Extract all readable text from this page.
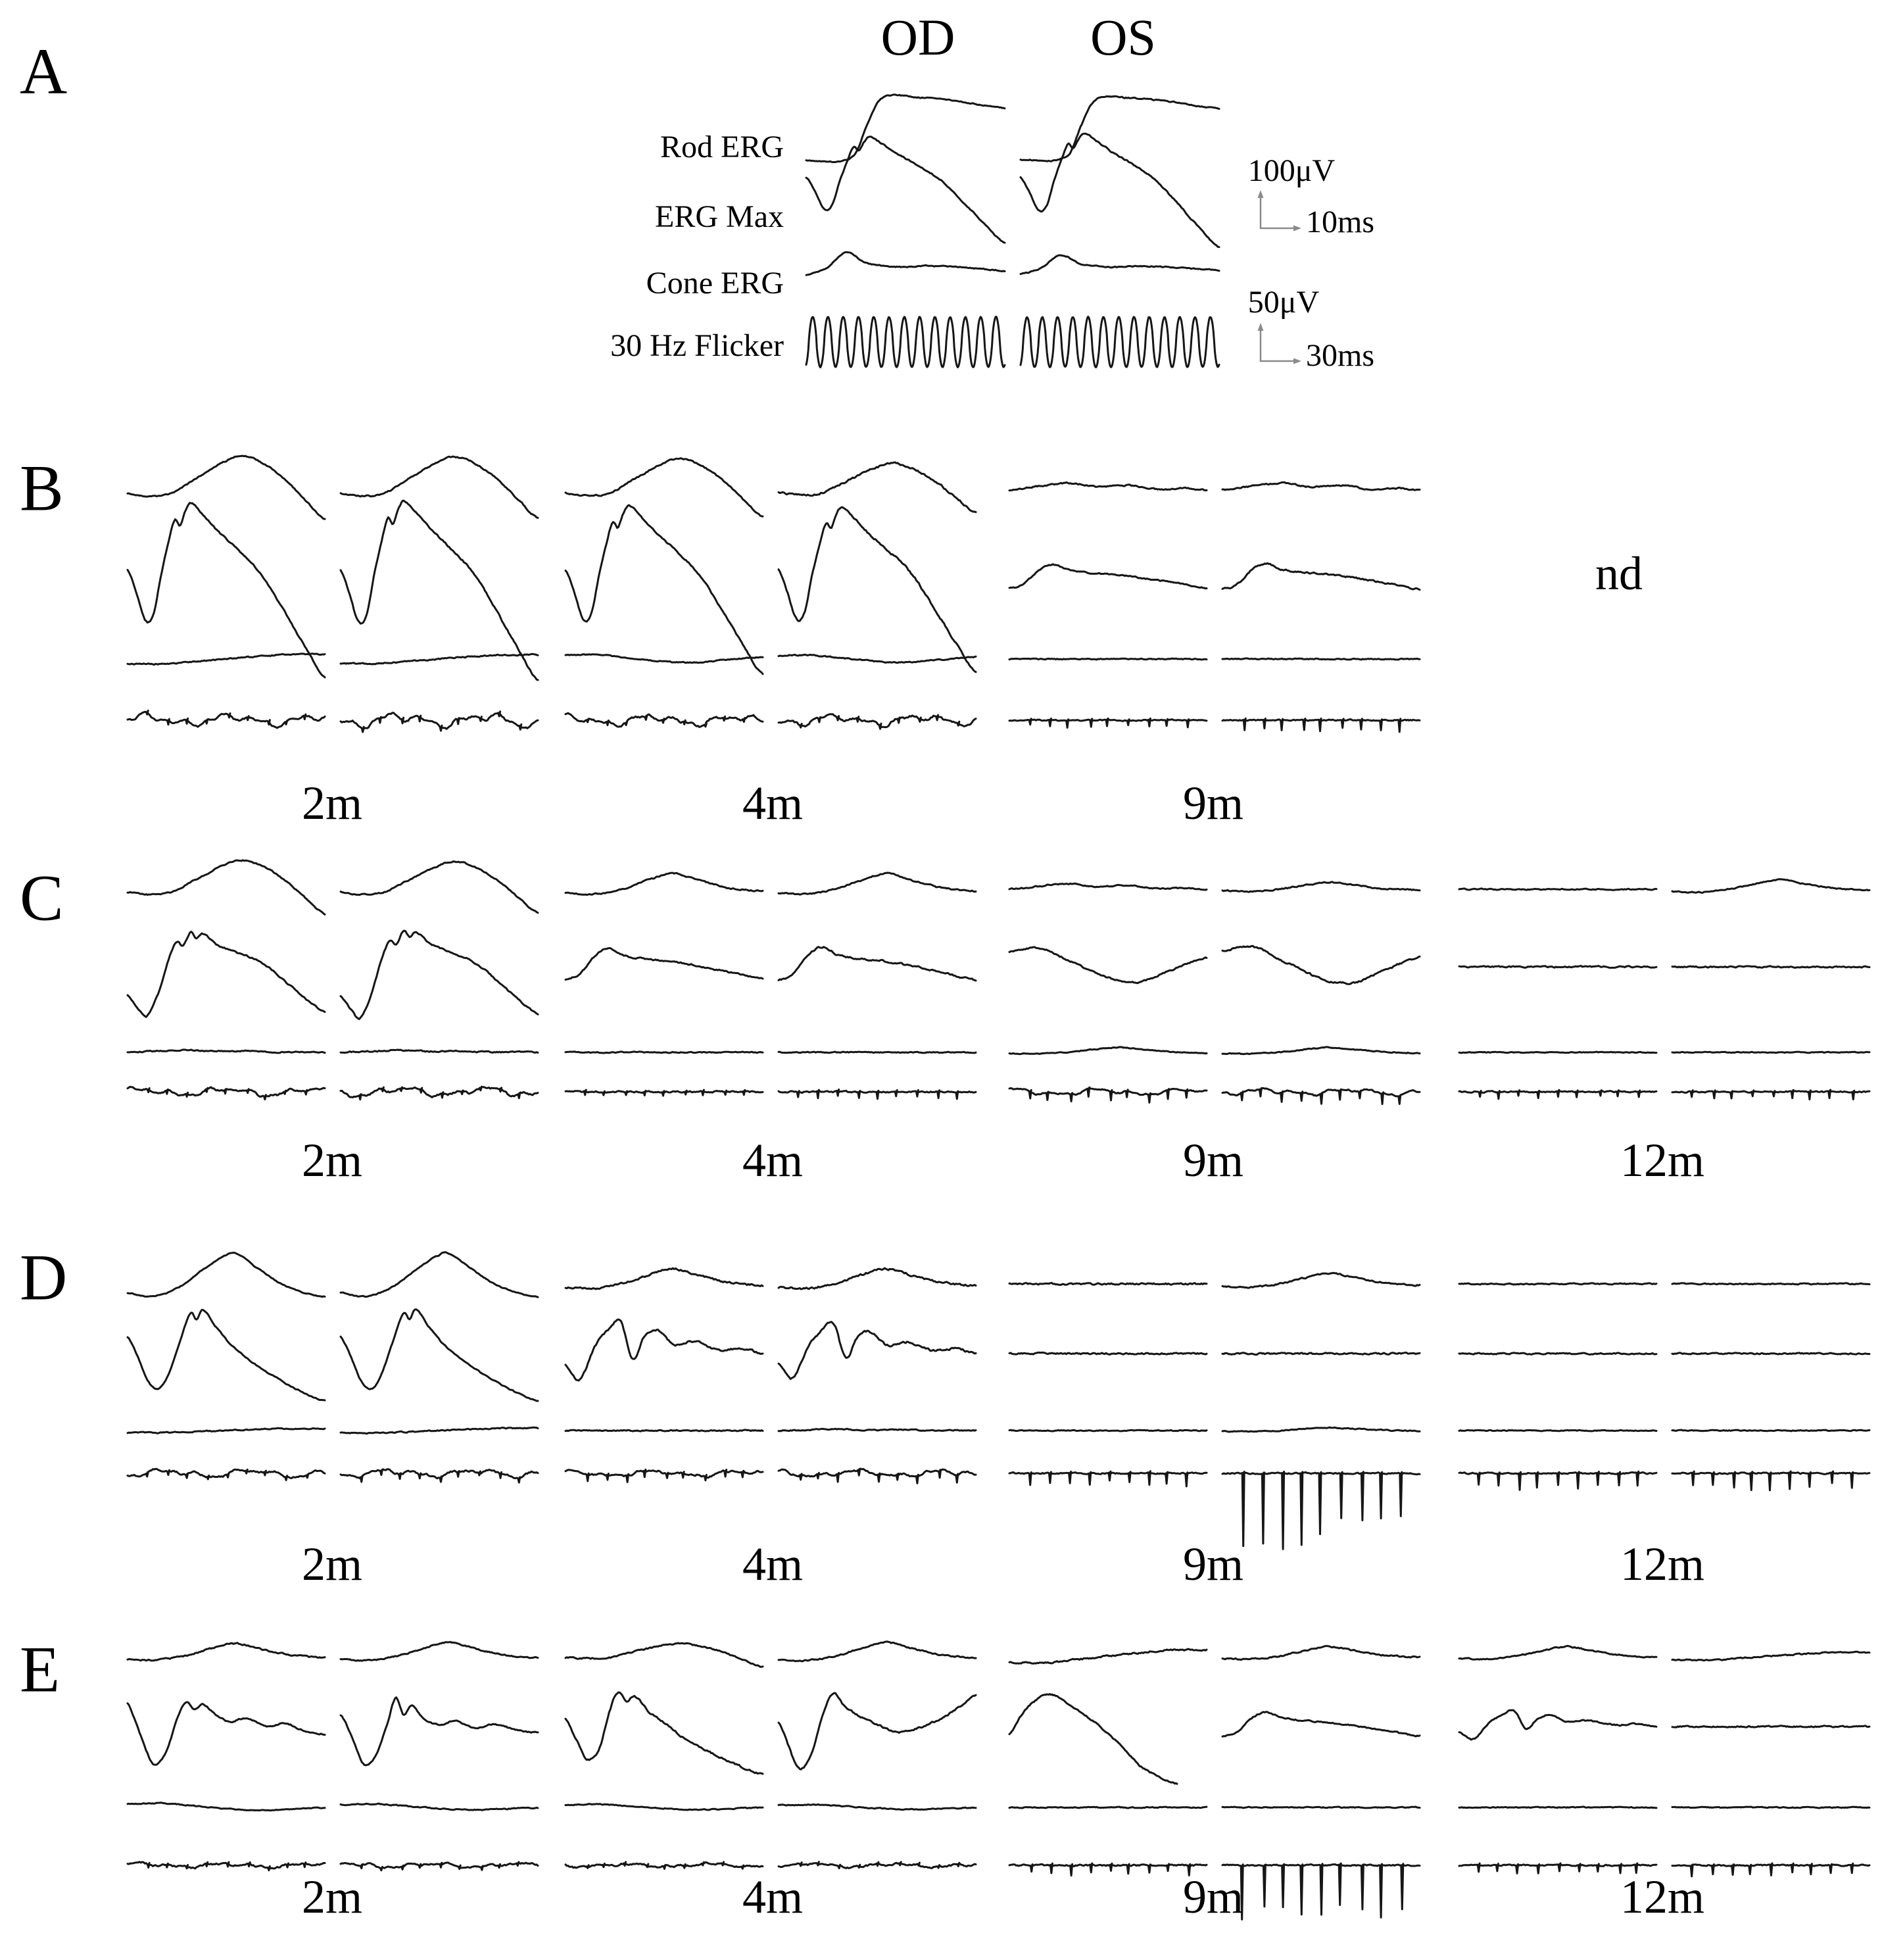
OD	OS
A
B
C
D
E
Rod ERG
ERG Max
Cone ERG
30 Hz Flicker
100μV
10ms
50μV
30ms
2m	4m	9m
nd
2m	4m	9m	12m
2m	4m	9m	12m
2m	4m	9m	12m
